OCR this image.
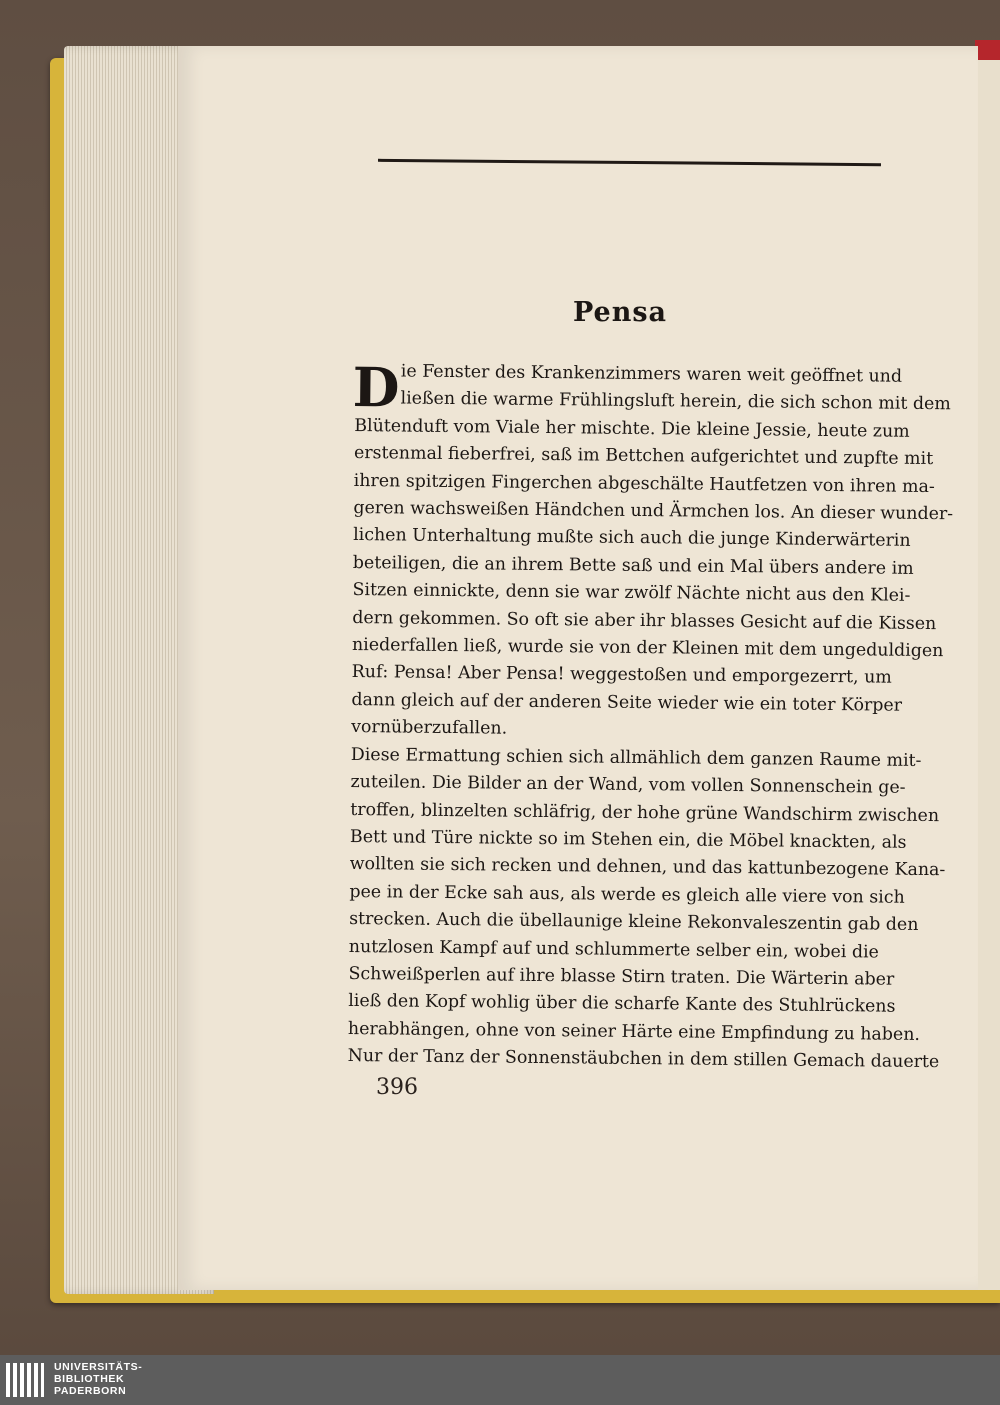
Pensa
D ie Fenster des Krankenzimmers waren weit geöffnet und
ließen die warme Frühlingsluft herein, die sich schon mit dem
Blütenduft vom Viale her mischte. Die kleine Jessie, heute zum
erstenmal fieberfrei, saß im Bettchen aufgerichtet und zupfte mit
ihren spitzigen Fingerchen abgeschälte Hautfetzen von ihren ma-
geren wachsweißen Händchen und Ärmchen los. An dieser wunder-
lichen Unterhaltung mußte sich auch die junge Kinderwärterin
beteiligen, die an ihrem Bette saß und ein Mal übers andere im
Sitzen einnickte, denn sie war zwölf Nächte nicht aus den Klei-
dern gekommen. So oft sie aber ihr blasses Gesicht auf die Kissen
niederfallen ließ, wurde sie von der Kleinen mit dem ungeduldigen
Ruf: Pensa! Aber Pensa! weggestoßen und emporgezerrt, um
dann gleich auf der anderen Seite wieder wie ein toter Körper
vornüberzufallen.
Diese Ermattung schien sich allmählich dem ganzen Raume mit-
zuteilen. Die Bilder an der Wand, vom vollen Sonnenschein ge-
troffen, blinzelten schläfrig, der hohe grüne Wandschirm zwischen
Bett und Türe nickte so im Stehen ein, die Möbel knackten, als
wollten sie sich recken und dehnen, und das kattunbezogene Kana-
pee in der Ecke sah aus, als werde es gleich alle viere von sich
strecken. Auch die übellaunige kleine Rekonvaleszentin gab den
nutzlosen Kampf auf und schlummerte selber ein, wobei die
Schweißperlen auf ihre blasse Stirn traten. Die Wärterin aber
ließ den Kopf wohlig über die scharfe Kante des Stuhlrückens
herabhängen, ohne von seiner Härte eine Empfindung zu haben.
Nur der Tanz der Sonnenstäubchen in dem stillen Gemach dauerte
396
UNIVERSITÄTS-
BIBLIOTHEK
PADERBORN
